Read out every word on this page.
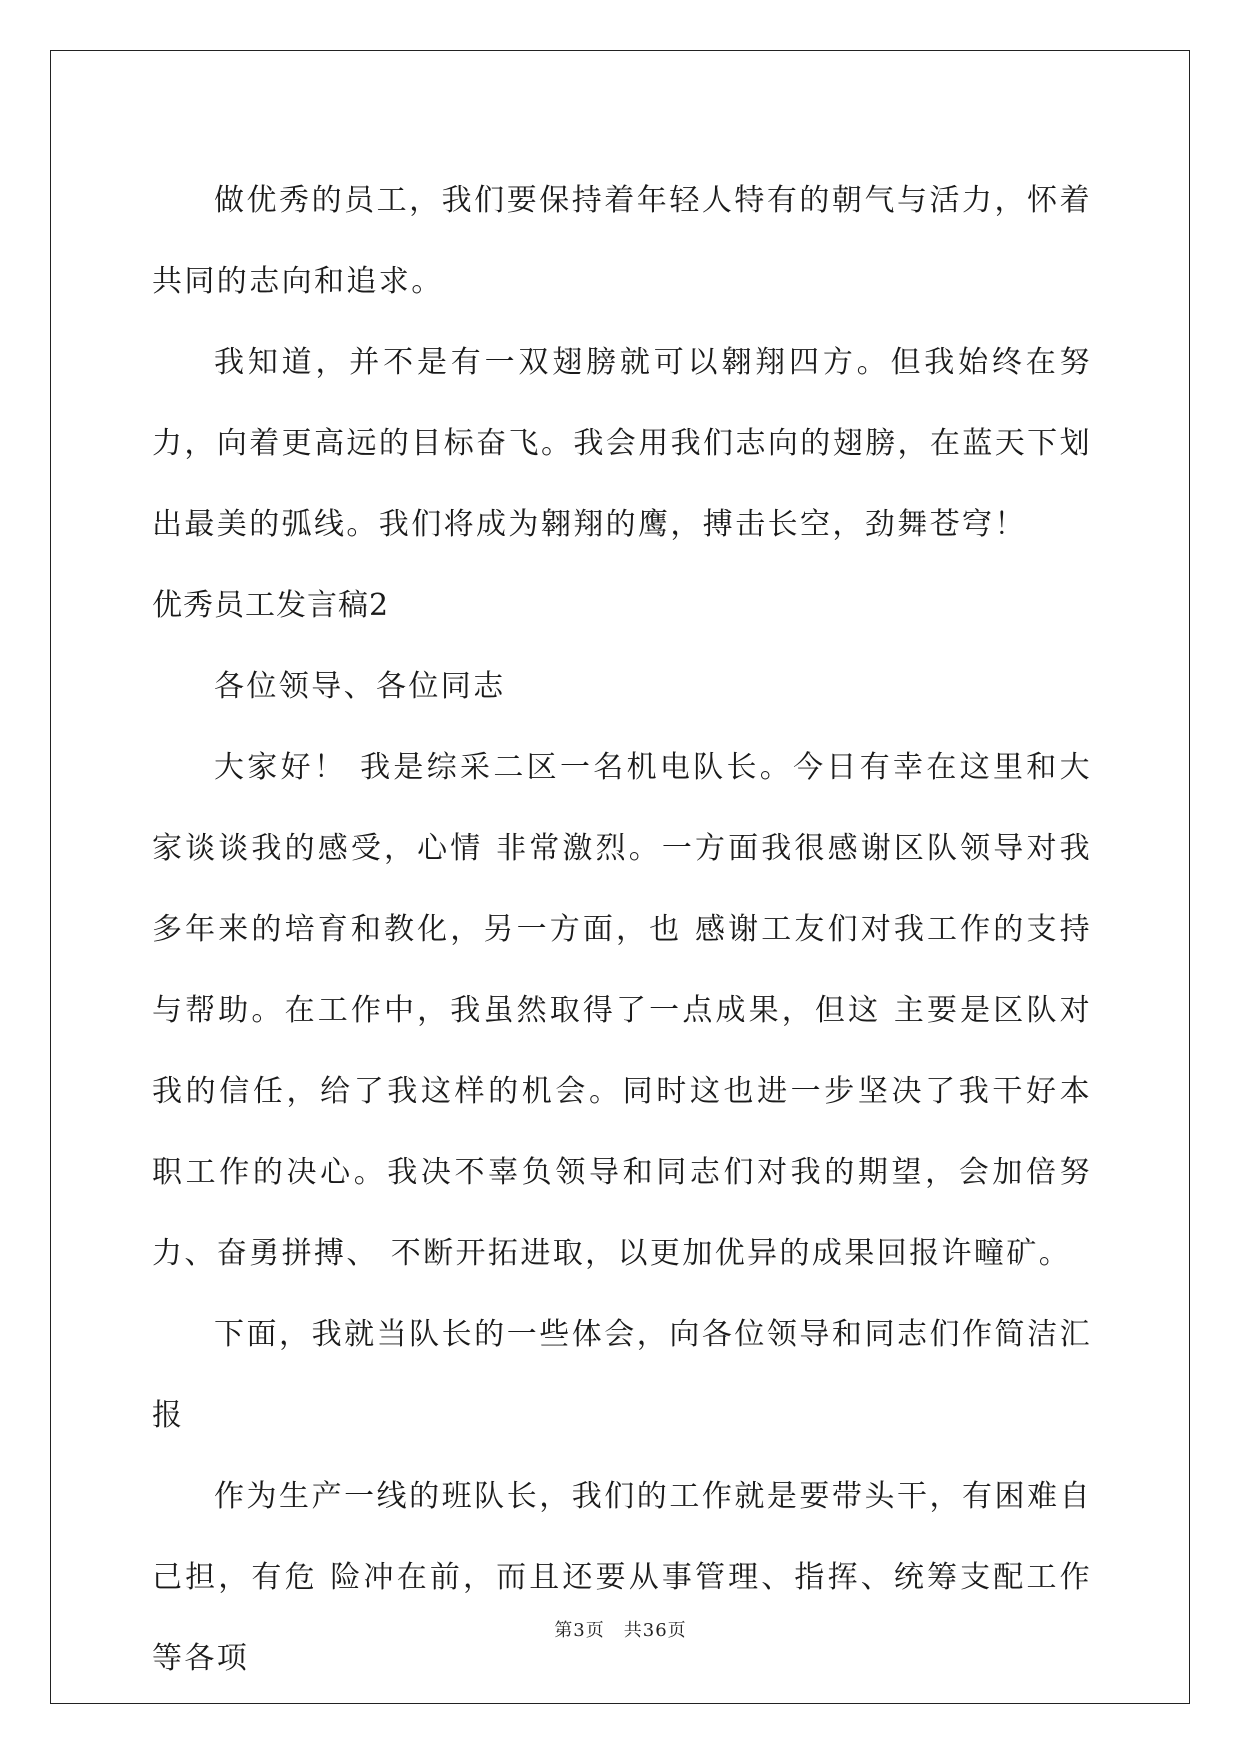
做优秀的员工，我们要保持着年轻人特有的朝气与活力，怀着共同的志向和追求。

我知道，并不是有一双翅膀就可以翱翔四方。但我始终在努力，向着更高远的目标奋飞。我会用我们志向的翅膀，在蓝天下划出最美的弧线。我们将成为翱翔的鹰，搏击长空，劲舞苍穹！

优秀员工发言稿2

各位领导、各位同志

大家好！ 我是综采二区一名机电队长。今日有幸在这里和大家谈谈我的感受，心情 非常激烈。一方面我很感谢区队领导对我多年来的培育和教化，另一方面，也 感谢工友们对我工作的支持与帮助。在工作中，我虽然取得了一点成果，但这 主要是区队对我的信任，给了我这样的机会。同时这也进一步坚决了我干好本 职工作的决心。我决不辜负领导和同志们对我的期望，会加倍努力、奋勇拼搏、 不断开拓进取，以更加优异的成果回报许疃矿。

下面，我就当队长的一些体会，向各位领导和同志们作简洁汇报

作为生产一线的班队长，我们的工作就是要带头干，有困难自己担，有危 险冲在前，而且还要从事管理、指挥、统筹支配工作等各项

第3页　共36页
